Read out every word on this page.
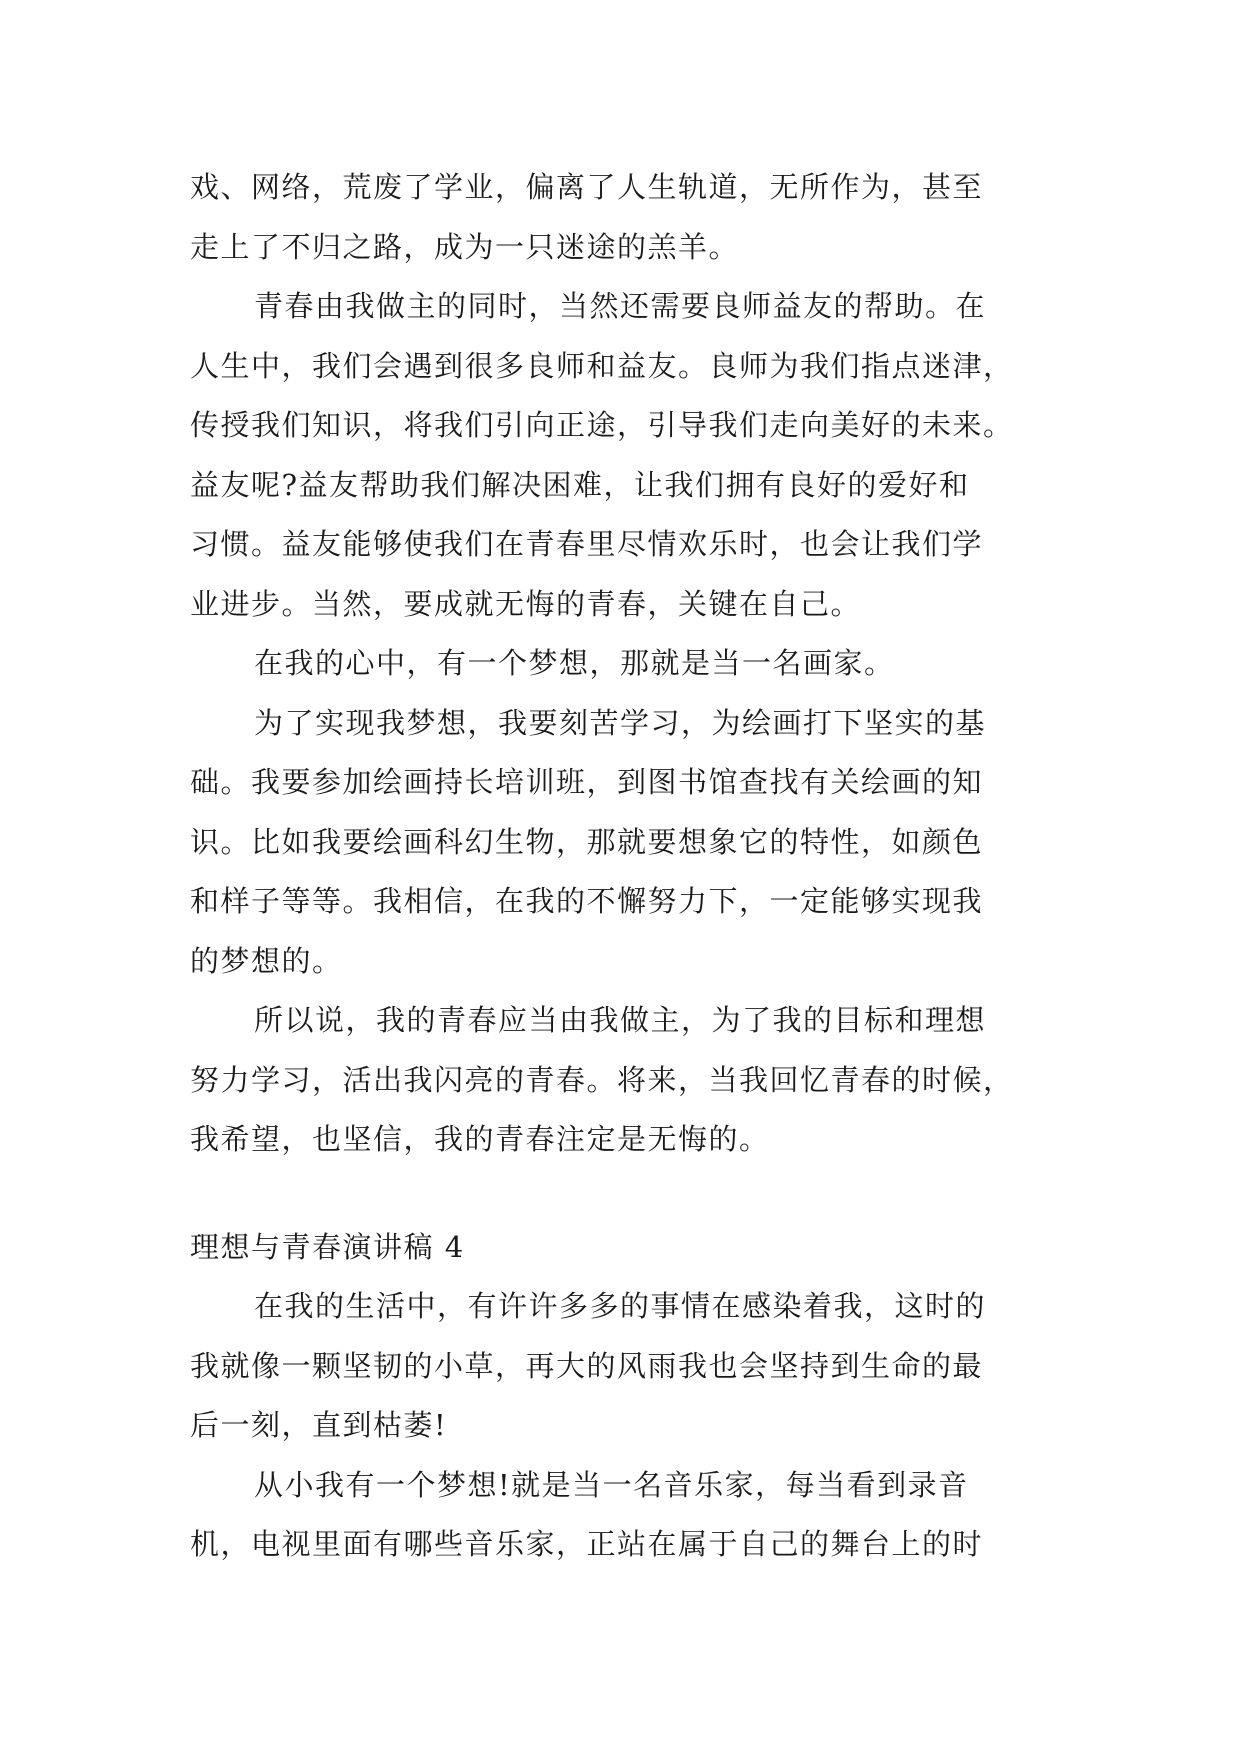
戏、网络，荒废了学业，偏离了人生轨道，无所作为，甚至
走上了不归之路，成为一只迷途的羔羊。
青春由我做主的同时，当然还需要良师益友的帮助。在
人生中，我们会遇到很多良师和益友。良师为我们指点迷津，
传授我们知识，将我们引向正途，引导我们走向美好的未来。
益友呢?益友帮助我们解决困难，让我们拥有良好的爱好和
习惯。益友能够使我们在青春里尽情欢乐时，也会让我们学
业进步。当然，要成就无悔的青春，关键在自己。
在我的心中，有一个梦想，那就是当一名画家。
为了实现我梦想，我要刻苦学习，为绘画打下坚实的基
础。我要参加绘画持长培训班，到图书馆查找有关绘画的知
识。比如我要绘画科幻生物，那就要想象它的特性，如颜色
和样子等等。我相信，在我的不懈努力下，一定能够实现我
的梦想的。
所以说，我的青春应当由我做主，为了我的目标和理想
努力学习，活出我闪亮的青春。将来，当我回忆青春的时候，
我希望，也坚信，我的青春注定是无悔的。
理想与青春演讲稿 4
在我的生活中，有许许多多的事情在感染着我，这时的
我就像一颗坚韧的小草，再大的风雨我也会坚持到生命的最
后一刻，直到枯萎!
从小我有一个梦想!就是当一名音乐家，每当看到录音
机，电视里面有哪些音乐家，正站在属于自己的舞台上的时
